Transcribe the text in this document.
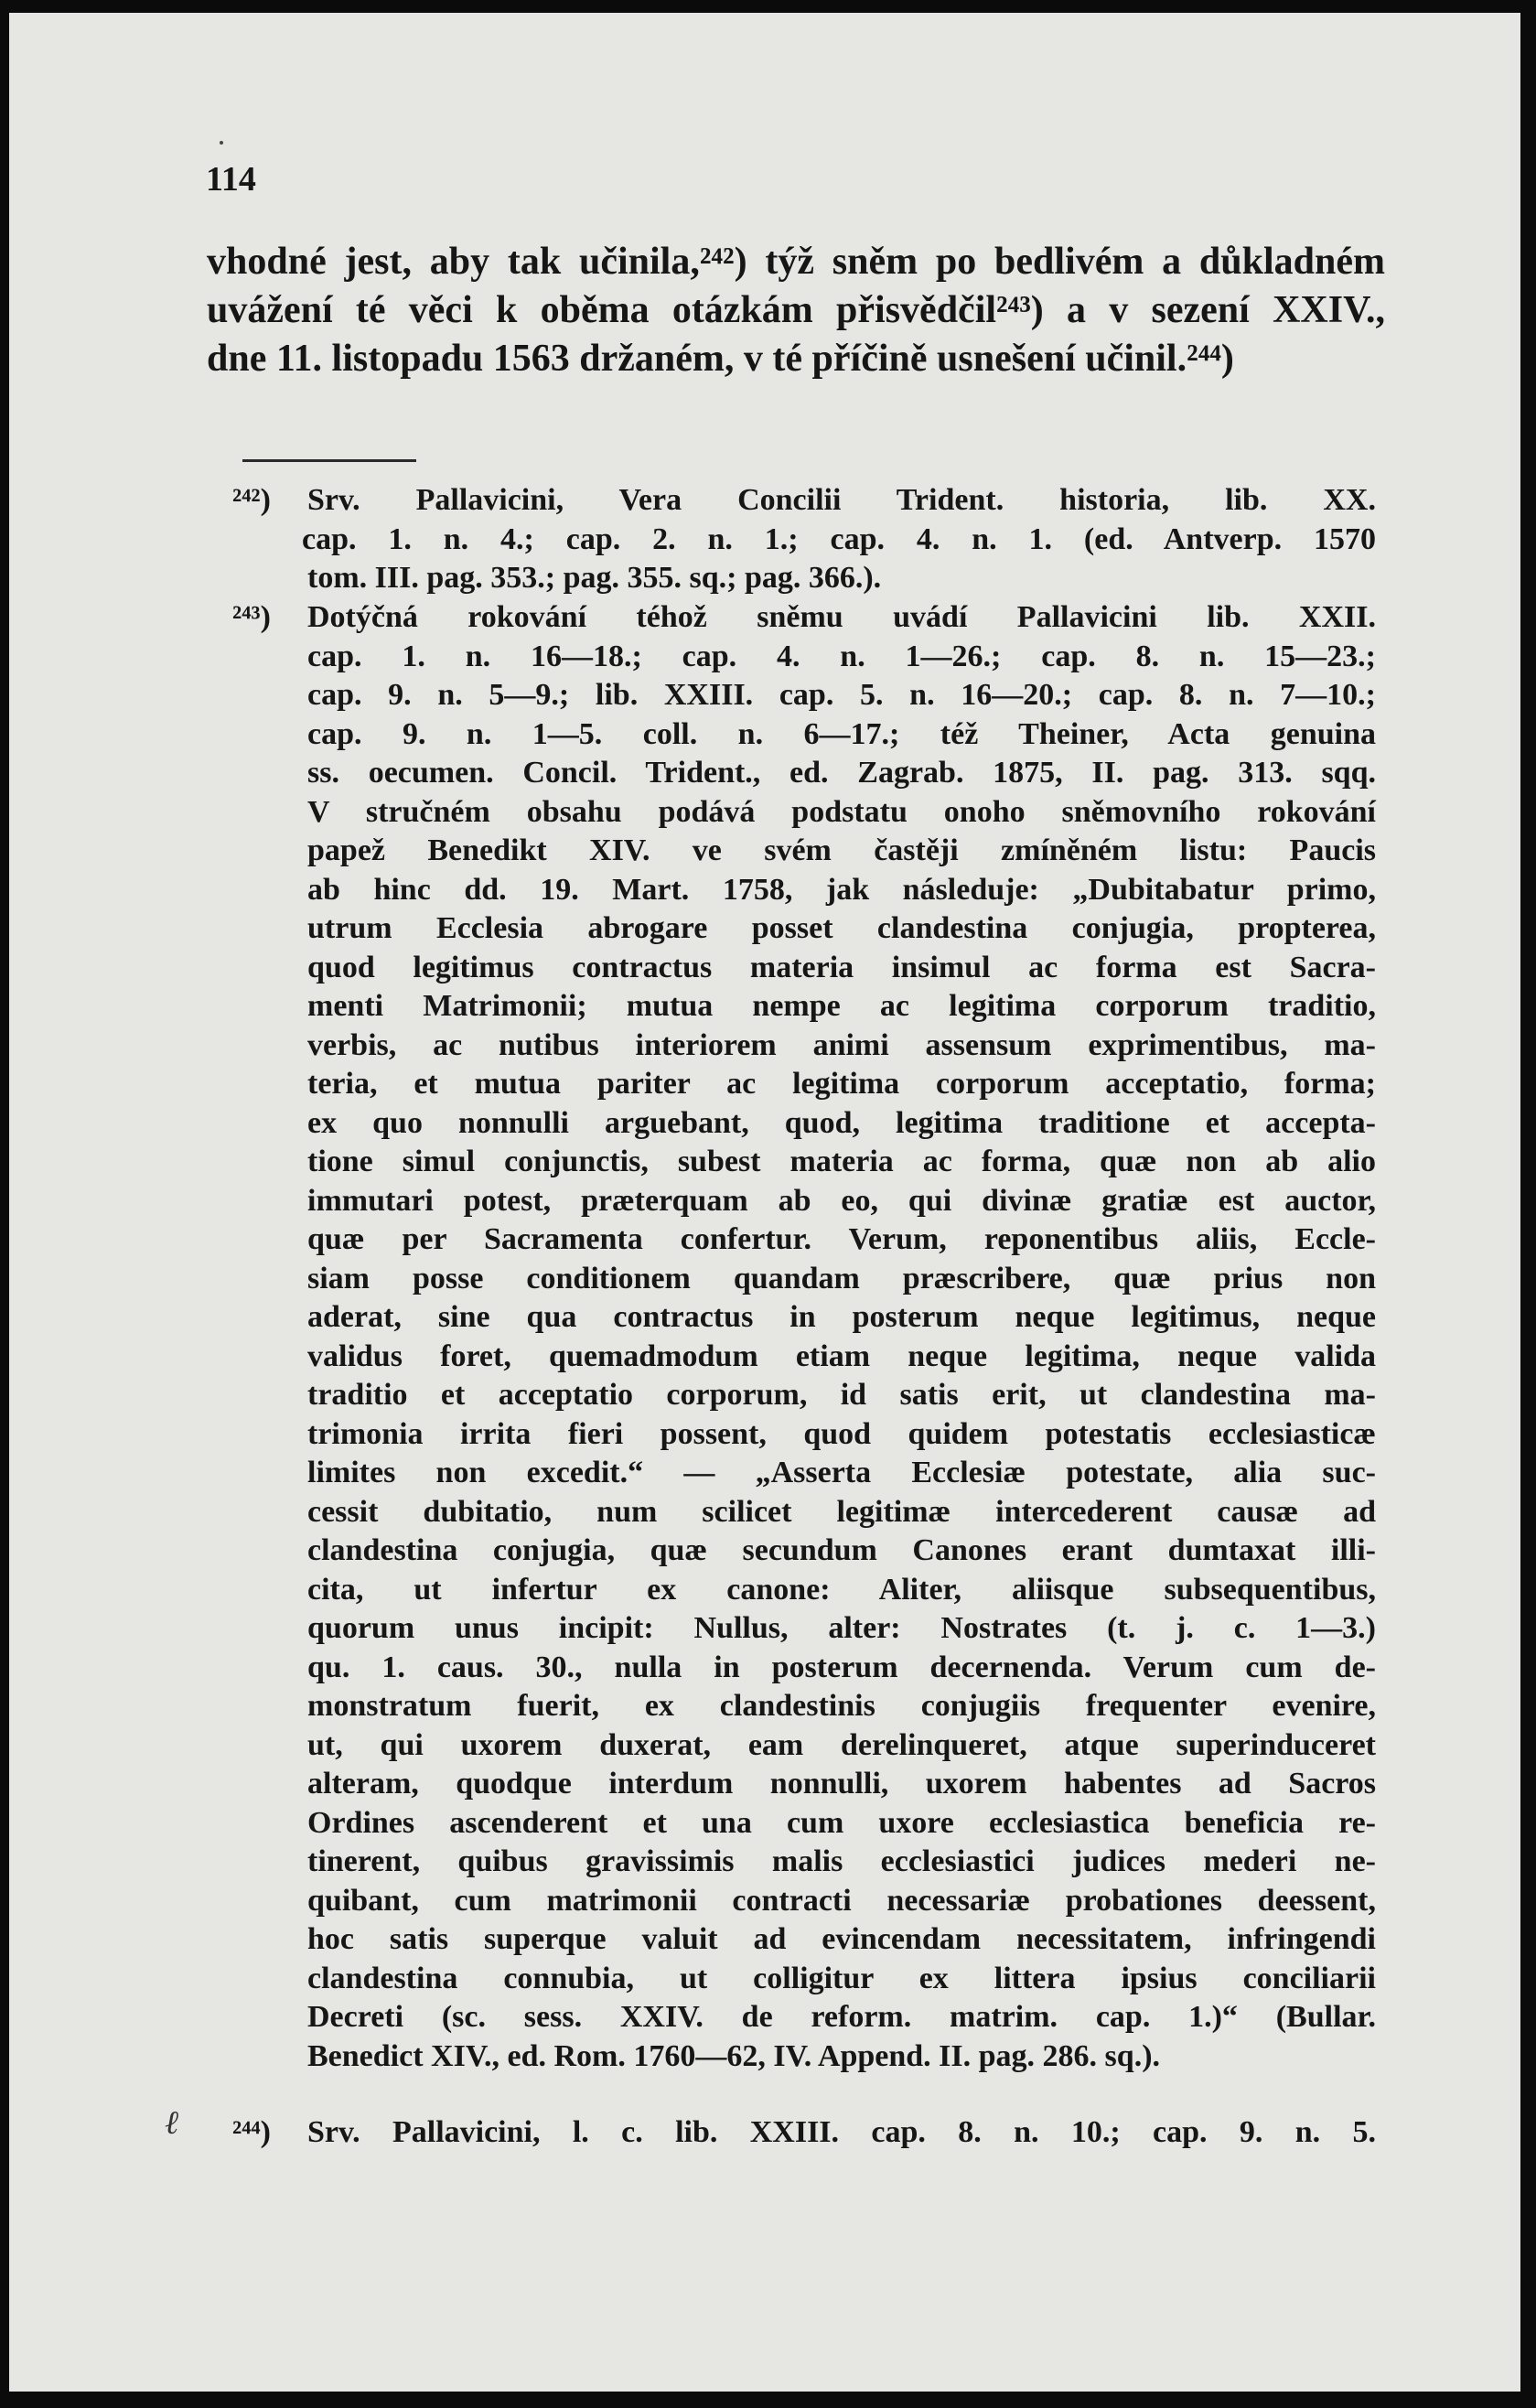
114
vhodné jest, aby tak učinila,²⁴²) týž sněm po bedlivém a důkladném
uvážení té věci k oběma otázkám přisvědčil²⁴³) a v sezení XXIV.,
dne 11. listopadu 1563 držaném, v té příčině usnešení učinil.²⁴⁴)
²⁴²) Srv. Pallavicini, Vera Concilii Trident. historia, lib. XX.
cap. 1. n. 4.; cap. 2. n. 1.; cap. 4. n. 1. (ed. Antverp. 1570
tom. III. pag. 353.; pag. 355. sq.; pag. 366.).
²⁴³) Dotýčná rokování téhož sněmu uvádí Pallavicini lib. XXII.
cap. 1. n. 16—18.; cap. 4. n. 1—26.; cap. 8. n. 15—23.;
cap. 9. n. 5—9.; lib. XXIII. cap. 5. n. 16—20.; cap. 8. n. 7—10.;
cap. 9. n. 1—5. coll. n. 6—17.; též Theiner, Acta genuina
ss. oecumen. Concil. Trident., ed. Zagrab. 1875, II. pag. 313. sqq.
V stručném obsahu podává podstatu onoho sněmovního rokování
papež Benedikt XIV. ve svém častěji zmíněném listu: Paucis
ab hinc dd. 19. Mart. 1758, jak následuje: „Dubitabatur primo,
utrum Ecclesia abrogare posset clandestina conjugia, propterea,
quod legitimus contractus materia insimul ac forma est Sacra-
menti Matrimonii; mutua nempe ac legitima corporum traditio,
verbis, ac nutibus interiorem animi assensum exprimentibus, ma-
teria, et mutua pariter ac legitima corporum acceptatio, forma;
ex quo nonnulli arguebant, quod, legitima traditione et acceptа-
tione simul conjunctis, subest materia ac forma, quæ non ab alio
immutari potest, præterquam ab eo, qui divinæ gratiæ est auctor,
quæ per Sacramenta confertur. Verum, reponentibus aliis, Eccle-
siam posse conditionem quandam præscribere, quæ prius non
aderat, sine qua contractus in posterum neque legitimus, neque
validus foret, quemadmodum etiam neque legitima, neque valida
traditio et acceptatio corporum, id satis erit, ut clandestina ma-
trimonia irrita fieri possent, quod quidem potestatis ecclesiasticæ
limites non excedit.“ — „Asserta Ecclesiæ potestate, alia suc-
cessit dubitatio, num scilicet legitimæ intercederent causæ ad
clandestina conjugia, quæ secundum Canones erant dumtaxat illi-
cita, ut infertur ex canone: Aliter, aliisque subsequentibus,
quorum unus incipit: Nullus, alter: Nostrates (t. j. c. 1—3.)
qu. 1. caus. 30., nulla in posterum decernenda. Verum cum de-
monstratum fuerit, ex clandestinis conjugiis frequenter evenire,
ut, qui uxorem duxerat, eam derelinqueret, atque superinduceret
alteram, quodque interdum nonnulli, uxorem habentes ad Sacros
Ordines ascenderent et una cum uxore ecclesiastica beneficia re-
tinerent, quibus gravissimis malis ecclesiastici judices mederi ne-
quibant, cum matrimonii contracti necessariæ probationes deessent,
hoc satis superque valuit ad evincendam necessitatem, infringendi
clandestina connubia, ut colligitur ex littera ipsius conciliarii
Decreti (sc. sess. XXIV. de reform. matrim. cap. 1.)“ (Bullar.
Benedict XIV., ed. Rom. 1760—62, IV. Append. II. pag. 286. sq.).
²⁴⁴) Srv. Pallavicini, l. c. lib. XXIII. cap. 8. n. 10.; cap. 9. n. 5.
ℓ
